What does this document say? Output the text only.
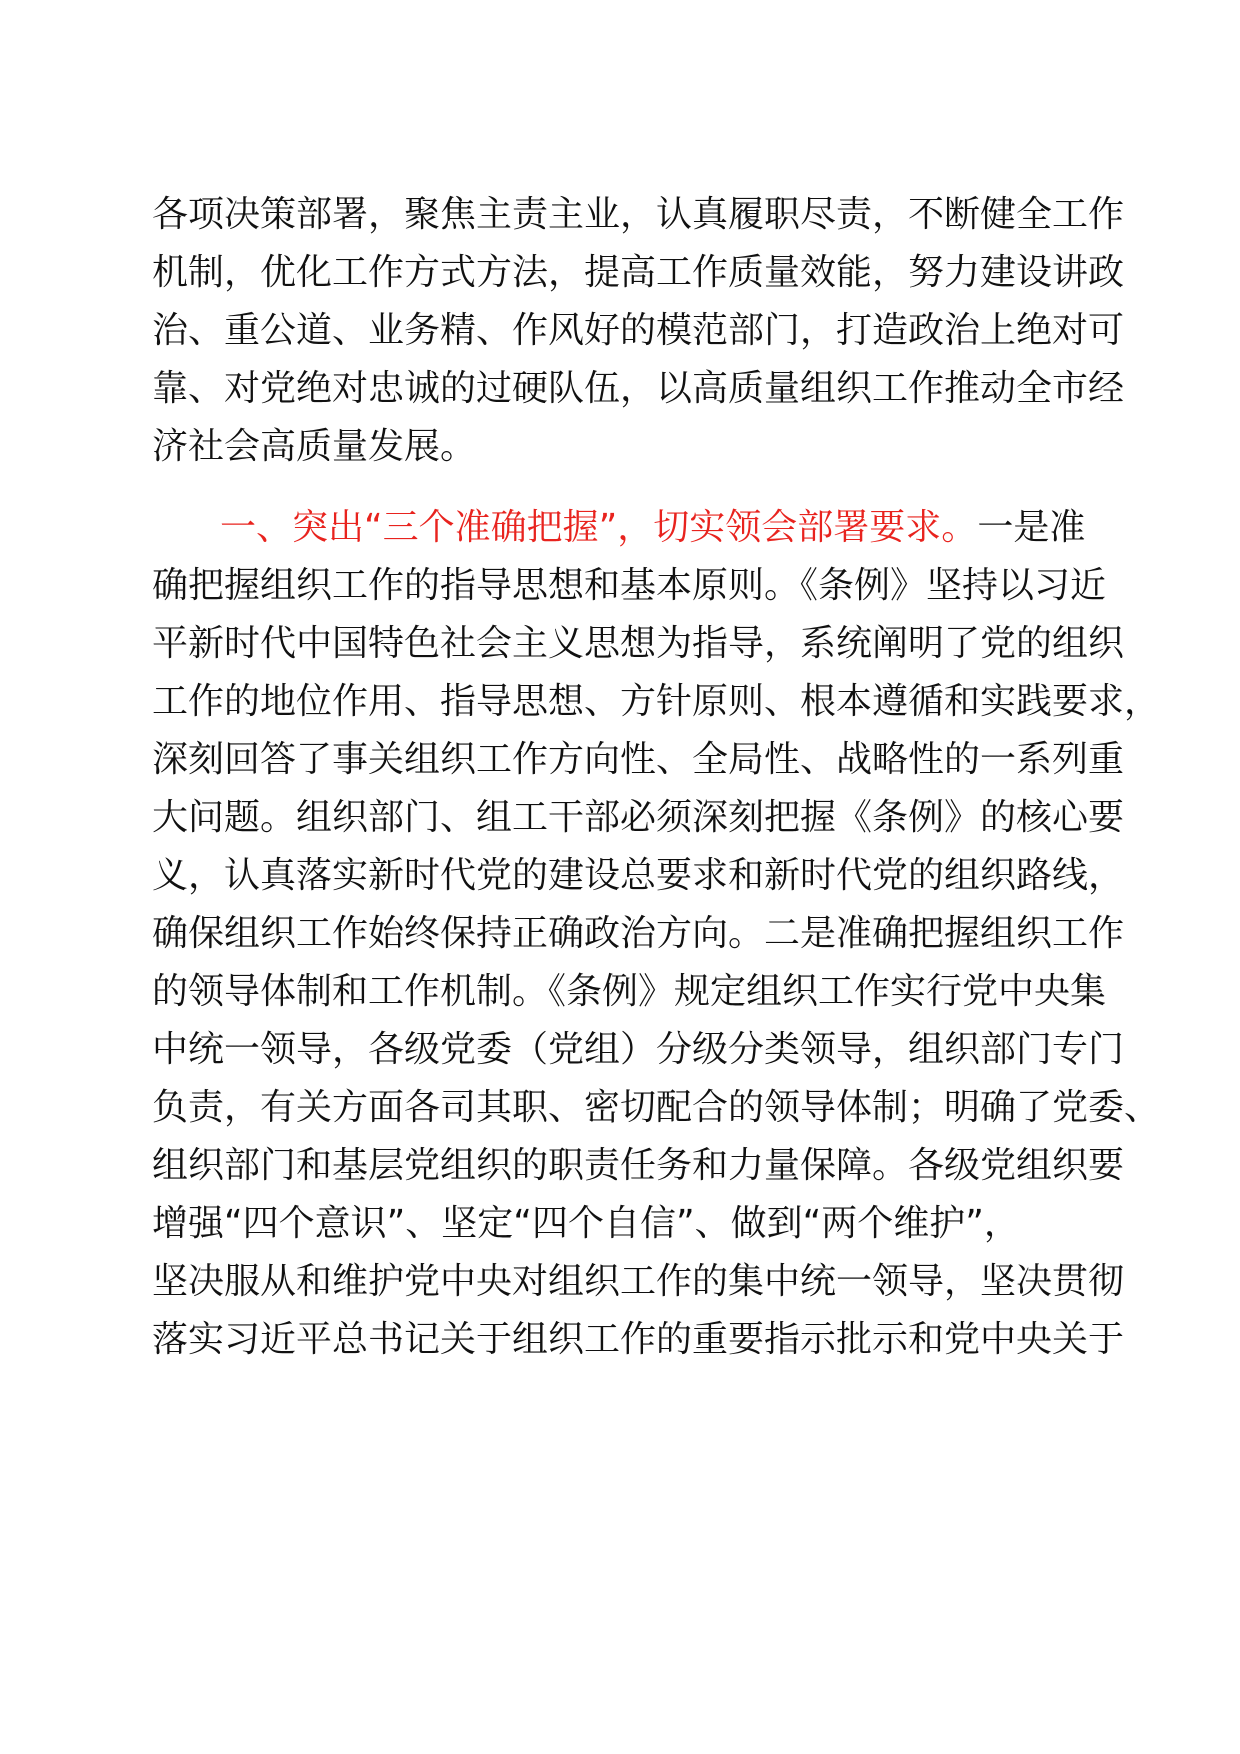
各项决策部署，聚焦主责主业，认真履职尽责，不断健全工作
机制，优化工作方式方法，提高工作质量效能，努力建设讲政
治、重公道、业务精、作风好的模范部门，打造政治上绝对可
靠、对党绝对忠诚的过硬队伍，以高质量组织工作推动全市经
济社会高质量发展。
一、突出“三个准确把握”，切实领会部署要求。一是准
确把握组织工作的指导思想和基本原则。《条例》坚持以习近
平新时代中国特色社会主义思想为指导，系统阐明了党的组织
工作的地位作用、指导思想、方针原则、根本遵循和实践要求，
深刻回答了事关组织工作方向性、全局性、战略性的一系列重
大问题。组织部门、组工干部必须深刻把握《条例》的核心要
义，认真落实新时代党的建设总要求和新时代党的组织路线，
确保组织工作始终保持正确政治方向。二是准确把握组织工作
的领导体制和工作机制。《条例》规定组织工作实行党中央集
中统一领导，各级党委（党组）分级分类领导，组织部门专门
负责，有关方面各司其职、密切配合的领导体制；明确了党委、
组织部门和基层党组织的职责任务和力量保障。各级党组织要
增强“四个意识”、坚定“四个自信”、做到“两个维护”，
坚决服从和维护党中央对组织工作的集中统一领导，坚决贯彻
落实习近平总书记关于组织工作的重要指示批示和党中央关于
